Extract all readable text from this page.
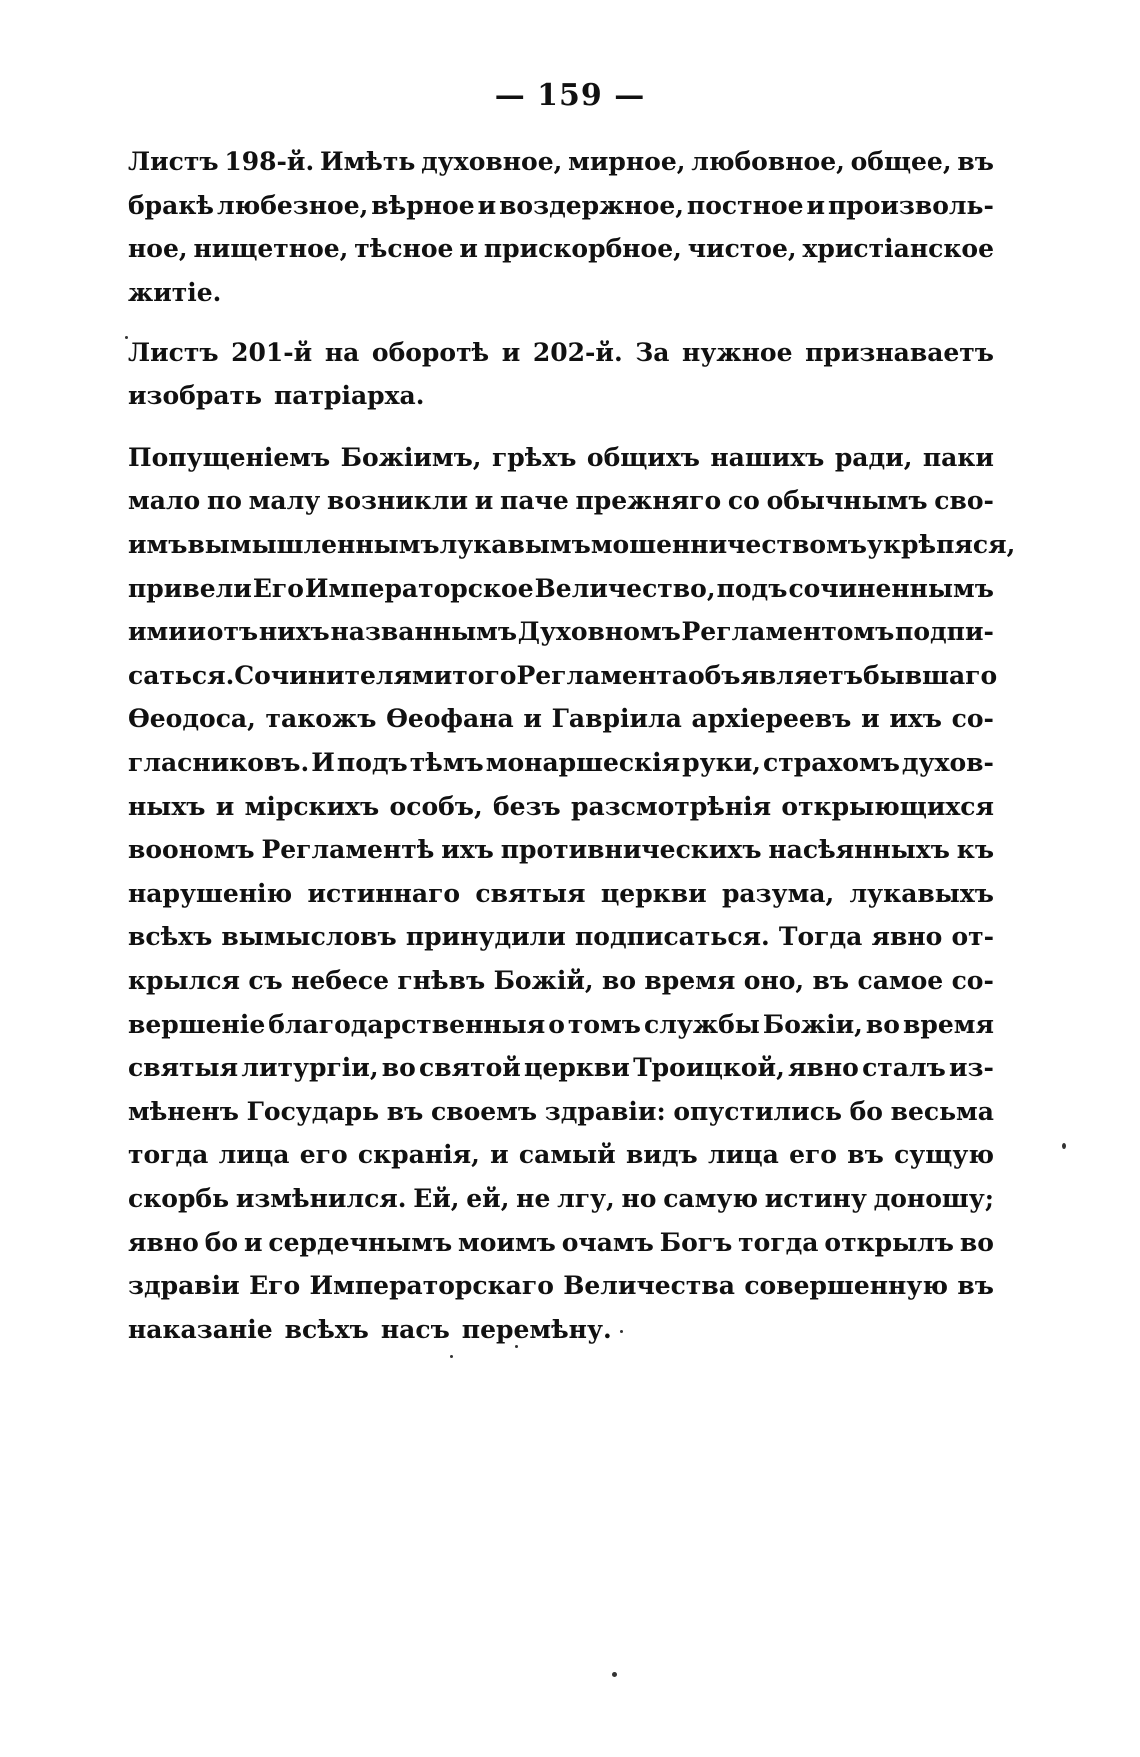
— 159 —
Листъ 198-й. Имѣть духовное, мирное, любовное, общее, въ
бракѣ любезное, вѣрное и воздержное, постное и произволь-
ное, нищетное, тѣсное и прискорбное, чистое, христіанское
житіе.
Листъ 201-й на оборотѣ и 202-й. За нужное признаваетъ
изобрать патріарха.
Попущеніемъ Божіимъ, грѣхъ общихъ нашихъ ради, паки
мало по малу возникли и паче прежняго со обычнымъ сво-
имъ вымышленнымъ лукавымъ мошенничествомъ укрѣпяся,
привели Его Императорское Величество, подъ сочиненнымъ
ими и отъ нихъ названнымъ Духовномъ Регламентомъ подпи-
саться. Сочинителями того Регламента объявляетъ бывшаго
Ѳеодоса, такожъ Ѳеофана и Гавріила архіереевъ и ихъ со-
гласниковъ. И подъ тѣмъ монаршескія руки, страхомъ духов-
ныхъ и мірскихъ особъ, безъ разсмотрѣнія открыющихся
воономъ Регламентѣ ихъ противническихъ насѣянныхъ къ
нарушенію истиннаго святыя церкви разума, лукавыхъ
всѣхъ вымысловъ принудили подписаться. Тогда явно от-
крылся съ небесе гнѣвъ Божій, во время оно, въ самое со-
вершеніе благодарственныя о томъ службы Божіи, во время
святыя литургіи, во святой церкви Троицкой, явно сталъ из-
мѣненъ Государь въ своемъ здравіи: опустились бо весьма
тогда лица его скранія, и самый видъ лица его въ сущую
скорбь измѣнился. Ей, ей, не лгу, но самую истину доношу;
явно бо и сердечнымъ моимъ очамъ Богъ тогда открылъ во
здравіи Его Императорскаго Величества совершенную въ
наказаніе всѣхъ насъ перемѣну.
